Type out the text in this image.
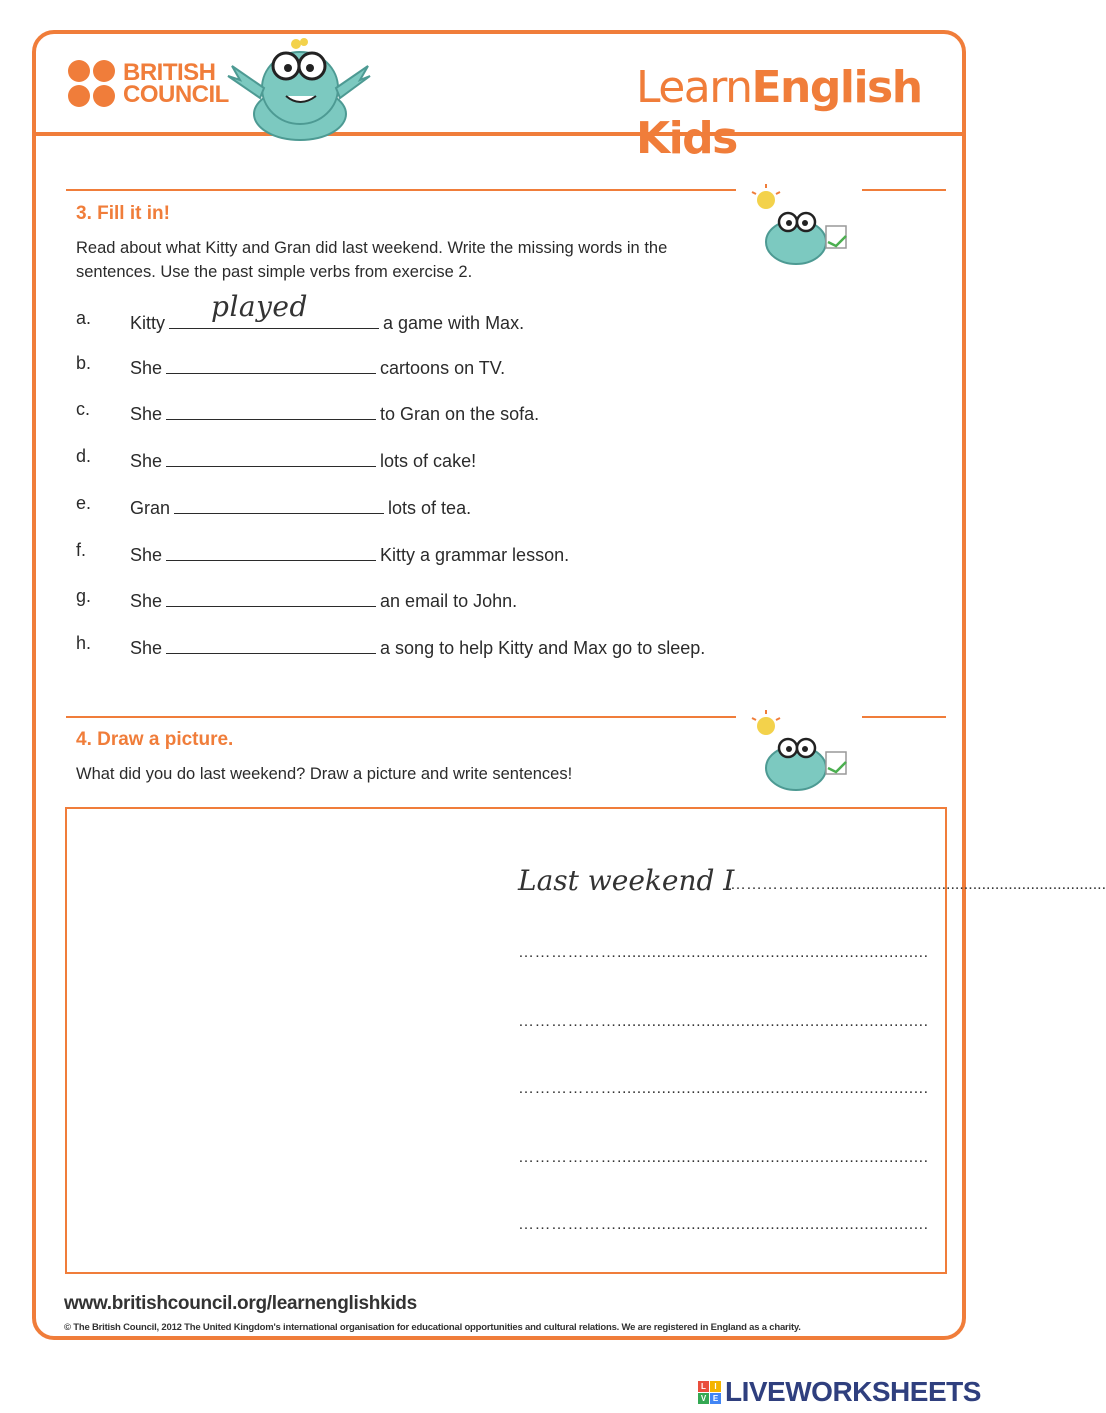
BRITISH
COUNCIL	LearnEnglish Kids
3. Fill it in!
Read about what Kitty and Gran did last weekend. Write the missing words in the sentences. Use the past simple verbs from exercise 2.
a. Kitty played	a game with Max.
b. She	cartoons on TV.
c. She	to Gran on the sofa.
d. She	lots of cake!
e. Gran	lots of tea.
f. She	Kitty a grammar lesson.
g. She	an email to John.
h. She	a song to help Kitty and Max go to sleep.
4. Draw a picture.
What did you do last weekend? Draw a picture and write sentences!
Last weekend I
………………...............................................................
………………...............................................................
………………...............................................................
………………...............................................................
………………...............................................................
………………...............................................................
www.britishcouncil.org/learnenglishkids
© The British Council, 2012 The United Kingdom's international organisation for educational opportunities and cultural relations. We are registered in England as a charity.
L	I
V E LIVEWORKSHEETS
